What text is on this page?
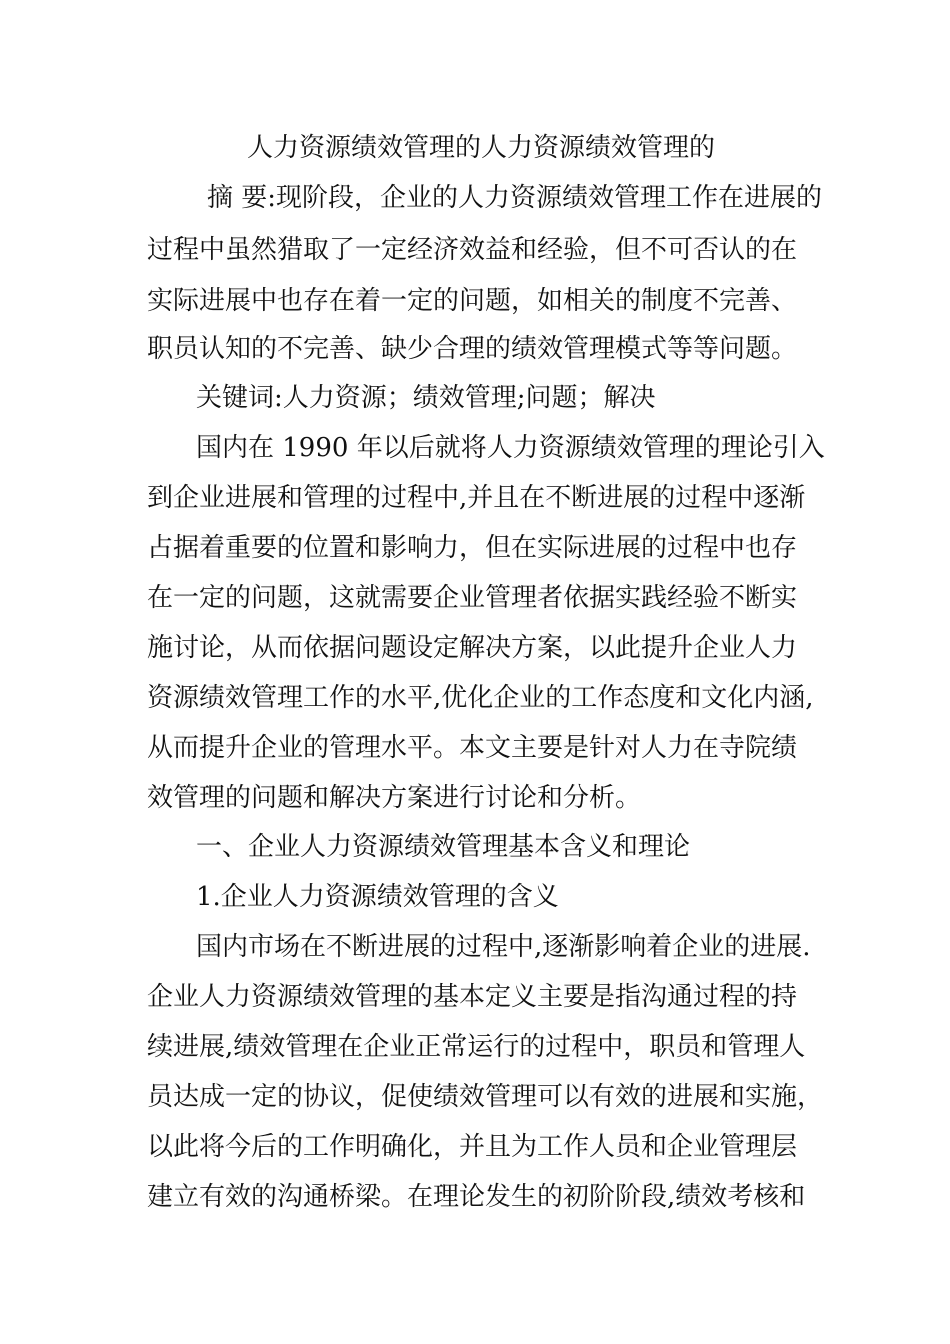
人力资源绩效管理的人力资源绩效管理的
摘 要:现阶段，企业的人力资源绩效管理工作在进展的
过程中虽然猎取了一定经济效益和经验，但不可否认的在
实际进展中也存在着一定的问题，如相关的制度不完善、
职员认知的不完善、缺少合理的绩效管理模式等等问题。
关键词:人力资源；绩效管理;问题；解决
国内在 1990 年以后就将人力资源绩效管理的理论引入
到企业进展和管理的过程中,并且在不断进展的过程中逐渐
占据着重要的位置和影响力，但在实际进展的过程中也存
在一定的问题，这就需要企业管理者依据实践经验不断实
施讨论，从而依据问题设定解决方案，以此提升企业人力
资源绩效管理工作的水平,优化企业的工作态度和文化内涵,
从而提升企业的管理水平。本文主要是针对人力在寺院绩
效管理的问题和解决方案进行讨论和分析。
一、企业人力资源绩效管理基本含义和理论
1.企业人力资源绩效管理的含义
国内市场在不断进展的过程中,逐渐影响着企业的进展.
企业人力资源绩效管理的基本定义主要是指沟通过程的持
续进展,绩效管理在企业正常运行的过程中，职员和管理人
员达成一定的协议，促使绩效管理可以有效的进展和实施，
以此将今后的工作明确化，并且为工作人员和企业管理层
建立有效的沟通桥梁。在理论发生的初阶阶段,绩效考核和
